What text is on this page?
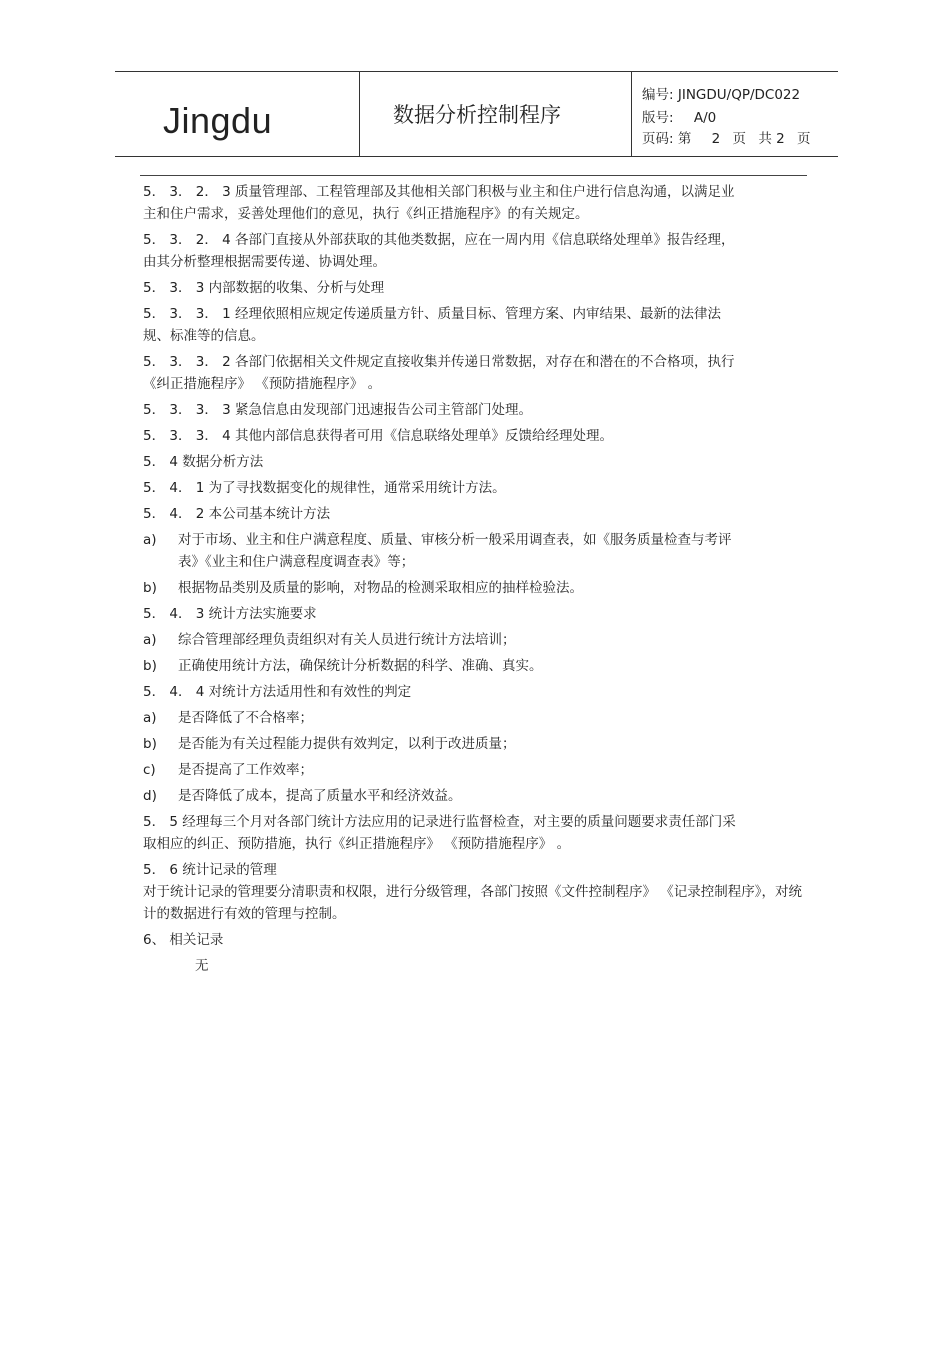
Jingdu	数据分析控制程序
编号: JINGDU/QP/DC022
版号: A/0
页码: 第 2 页 共 2 页

5． 3． 2． 3 质量管理部、工程管理部及其他相关部门积极与业主和住户进行信息沟通，以满足业主和住户需求，妥善处理他们的意见，执行《纠正措施程序》的有关规定。

5． 3． 2． 4 各部门直接从外部获取的其他类数据，应在一周内用《信息联络处理单》报告经理，由其分析整理根据需要传递、协调处理。

5． 3． 3 内部数据的收集、分析与处理

5． 3． 3． 1 经理依照相应规定传递质量方针、质量目标、管理方案、内审结果、最新的法律法规、标准等的信息。

5． 3． 3． 2 各部门依据相关文件规定直接收集并传递日常数据，对存在和潜在的不合格项，执行《纠正措施程序》 《预防措施程序》 。

5． 3． 3． 3 紧急信息由发现部门迅速报告公司主管部门处理。

5． 3． 3． 4 其他内部信息获得者可用《信息联络处理单》反馈给经理处理。

5． 4 数据分析方法

5． 4． 1 为了寻找数据变化的规律性，通常采用统计方法。

5． 4． 2 本公司基本统计方法

a)	对于市场、业主和住户满意程度、质量、审核分析一般采用调查表，如《服务质量检查与考评表》《业主和住户满意程度调查表》等；
b)	根据物品类别及质量的影响，对物品的检测采取相应的抽样检验法。

5． 4． 3 统计方法实施要求

a)	综合管理部经理负责组织对有关人员进行统计方法培训；
b)	正确使用统计方法，确保统计分析数据的科学、准确、真实。

5． 4． 4 对统计方法适用性和有效性的判定

a)	是否降低了不合格率；
b)	是否能为有关过程能力提供有效判定，以利于改进质量；
c)	是否提高了工作效率；
d)	是否降低了成本，提高了质量水平和经济效益。

5． 5 经理每三个月对各部门统计方法应用的记录进行监督检查，对主要的质量问题要求责任部门采取相应的纠正、预防措施，执行《纠正措施程序》 《预防措施程序》 。

5． 6 统计记录的管理

对于统计记录的管理要分清职责和权限，进行分级管理，各部门按照《文件控制程序》 《记录控制程序》，对统计的数据进行有效的管理与控制。

6、 相关记录

无
